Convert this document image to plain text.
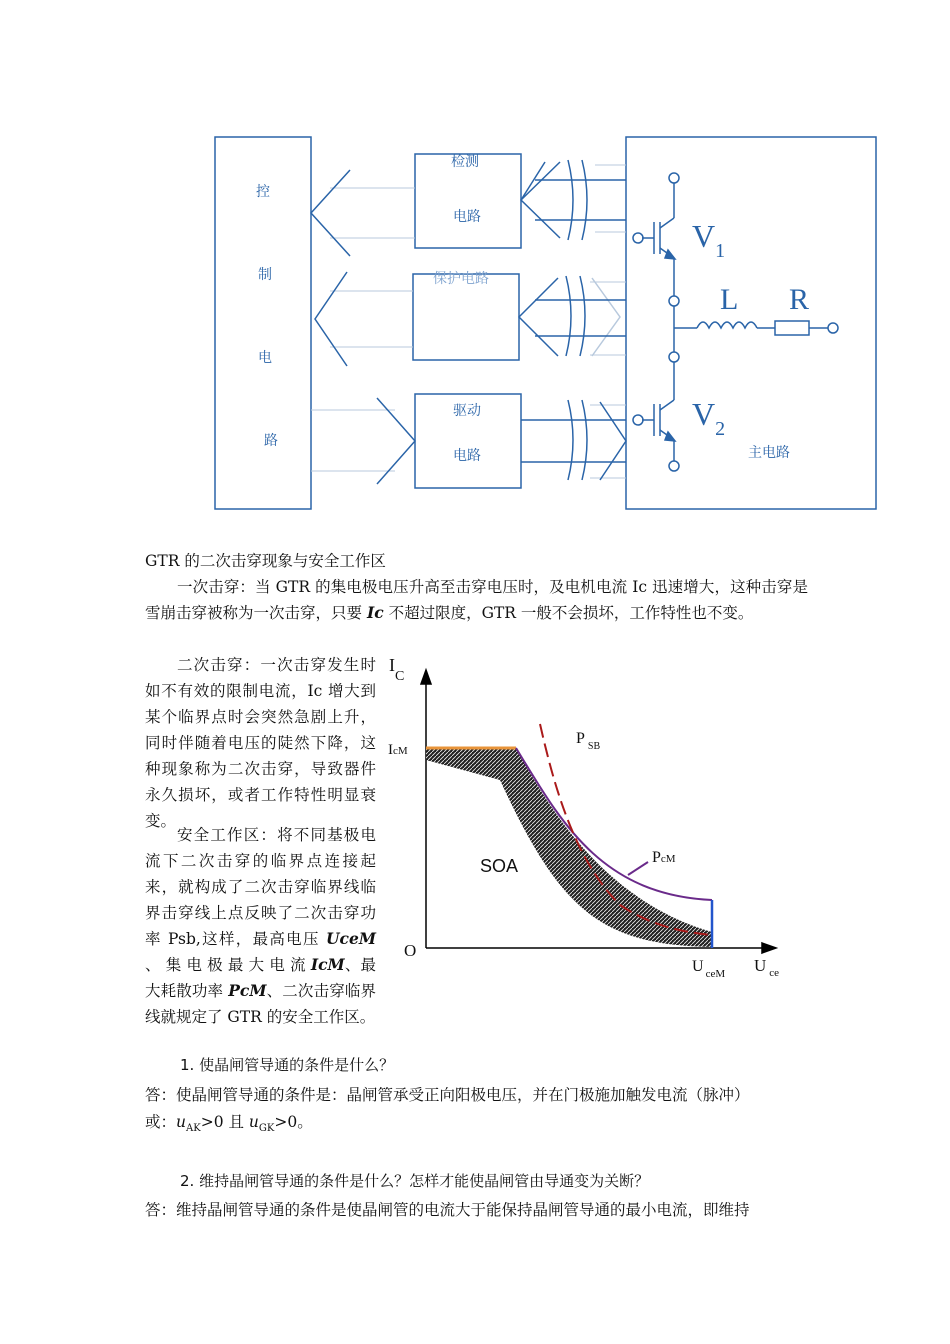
控
制
电
路
检测
电路
保护电路
驱动
电路
$V_1$
$V_2$
L R
主电路
GTR 的二次击穿现象与安全工作区
一次击穿：当 GTR 的集电极电压升高至击穿电压时，及电机电流 Ic 迅速增大，这种击穿是雪崩击穿被称为一次击穿，只要 Ic 不超过限度，GTR 一般不会损坏，工作特性也不变。
二次击穿：一次击穿发生时如不有效的限制电流，Ic 增大到某个临界点时会突然急剧上升，同时伴随着电压的陡然下降，这种现象称为二次击穿，导致器件永久损坏，或者工作特性明显衰变。
安全工作区：将不同基极电流下二次击穿的临界点连接起来，就构成了二次击穿临界线临界击穿线上点反映了二次击穿功率 Psb,这样，最高电压 UceM 、 集 电 极 最 大 电 流 IcM、最大耗散功率 PcM、二次击穿临界线就规定了 GTR 的安全工作区。
$I_C$
IcM
P $_{SB}$
PcM
SOA
O
U $_{ceM}$ U $_{ce}$
1. 使晶闸管导通的条件是什么？
答：使晶闸管导通的条件是：晶闸管承受正向阳极电压，并在门极施加触发电流（脉冲）
或：$u_{AK}>0$ 且 $u_{GK}>0$。
2. 维持晶闸管导通的条件是什么？怎样才能使晶闸管由导通变为关断？
答：维持晶闸管导通的条件是使晶闸管的电流大于能保持晶闸管导通的最小电流，即维持
